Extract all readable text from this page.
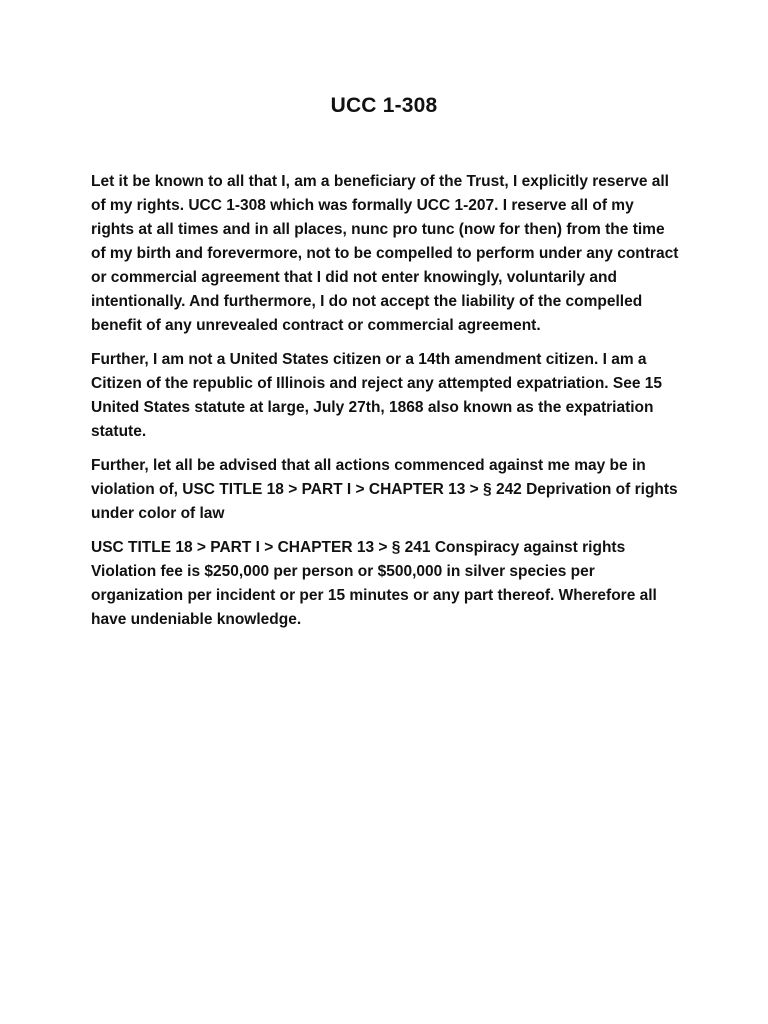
UCC 1-308

Let it be known to all that I, am a beneficiary of the Trust, I explicitly reserve all of my rights. UCC 1-308 which was formally UCC 1-207. I reserve all of my rights at all times and in all places, nunc pro tunc (now for then) from the time of my birth and forevermore, not to be compelled to perform under any contract or commercial agreement that I did not enter knowingly, voluntarily and intentionally. And furthermore, I do not accept the liability of the compelled benefit of any unrevealed contract or commercial agreement.

Further, I am not a United States citizen or a 14th amendment citizen. I am a Citizen of the republic of Illinois and reject any attempted expatriation. See 15 United States statute at large, July 27th, 1868 also known as the expatriation statute.

Further, let all be advised that all actions commenced against me may be in violation of, USC TITLE 18 > PART I > CHAPTER 13 > § 242 Deprivation of rights under color of law

USC TITLE 18 > PART I > CHAPTER 13 > § 241 Conspiracy against rights Violation fee is $250,000 per person or $500,000 in silver species per organization per incident or per 15 minutes or any part thereof. Wherefore all have undeniable knowledge.
